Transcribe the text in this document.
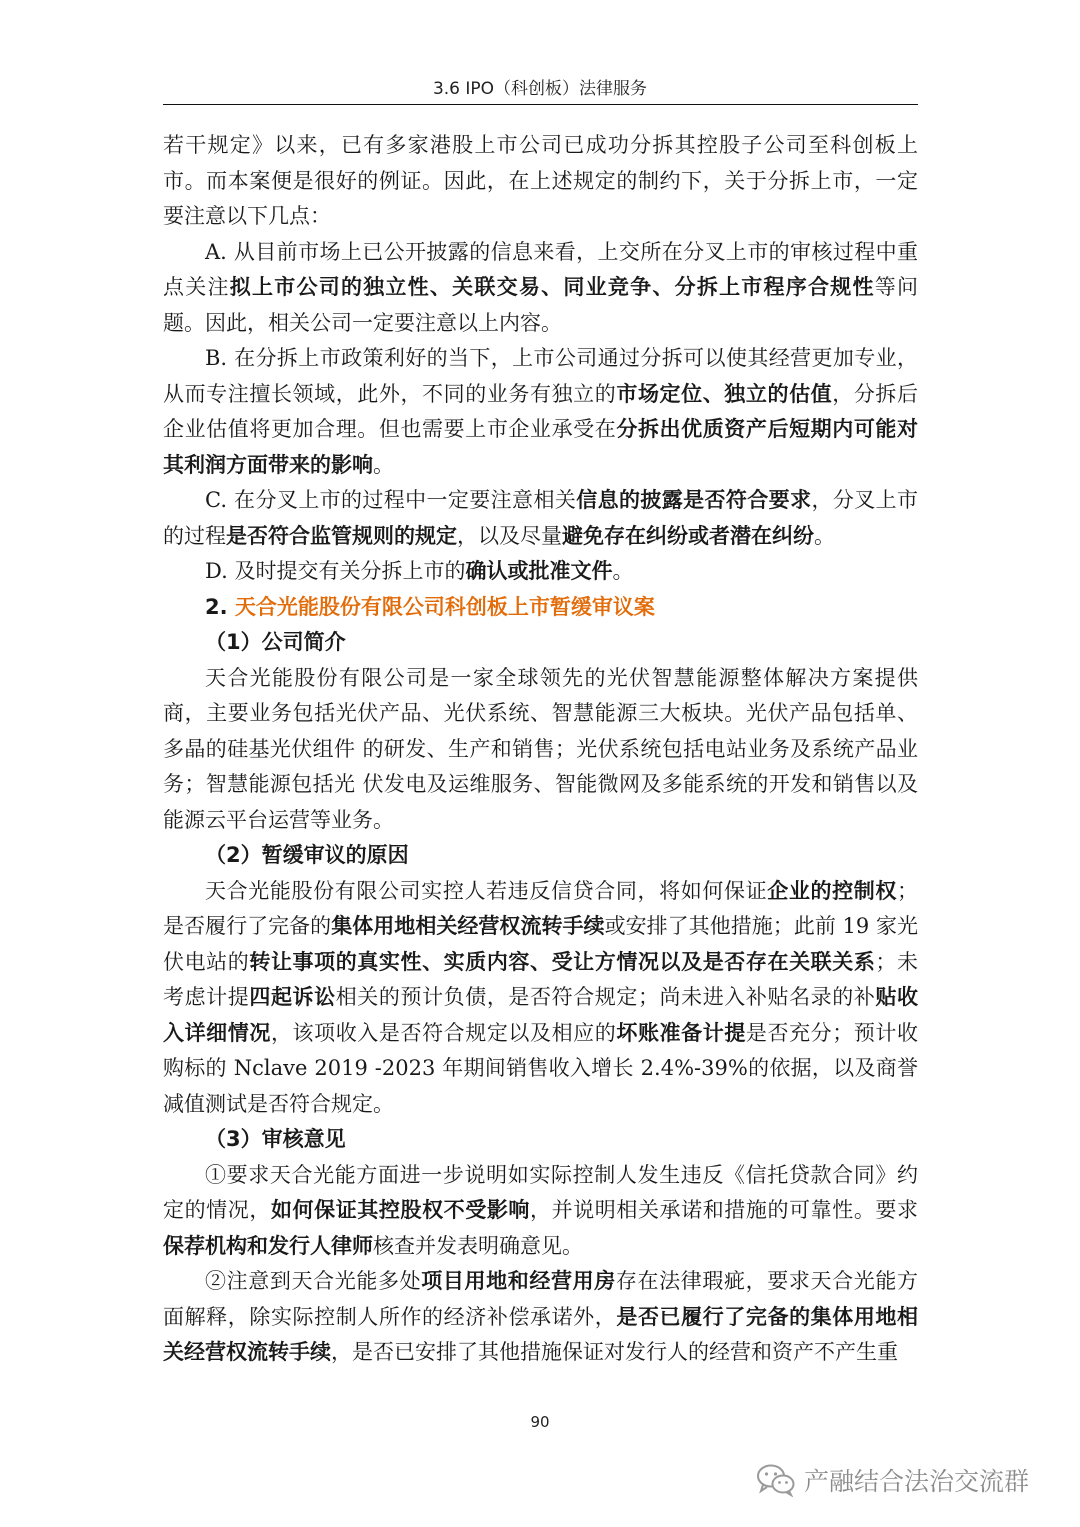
3.6 IPO（科创板）法律服务

若干规定》以来，已有多家港股上市公司已成功分拆其控股子公司至科创板上市。而本案便是很好的例证。因此，在上述规定的制约下，关于分拆上市，一定要注意以下几点：

A. 从目前市场上已公开披露的信息来看，上交所在分叉上市的审核过程中重点关注拟上市公司的独立性、关联交易、同业竞争、分拆上市程序合规性等问题。因此，相关公司一定要注意以上内容。

B. 在分拆上市政策利好的当下，上市公司通过分拆可以使其经营更加专业，从而专注擅长领域，此外，不同的业务有独立的市场定位、独立的估值，分拆后企业估值将更加合理。但也需要上市企业承受在分拆出优质资产后短期内可能对其利润方面带来的影响。

C. 在分叉上市的过程中一定要注意相关信息的披露是否符合要求，分叉上市的过程是否符合监管规则的规定，以及尽量避免存在纠纷或者潜在纠纷。

D. 及时提交有关分拆上市的确认或批准文件。

2. 天合光能股份有限公司科创板上市暂缓审议案

（1）公司简介

天合光能股份有限公司是一家全球领先的光伏智慧能源整体解决方案提供商，主要业务包括光伏产品、光伏系统、智慧能源三大板块。光伏产品包括单、多晶的硅基光伏组件 的研发、生产和销售；光伏系统包括电站业务及系统产品业务；智慧能源包括光 伏发电及运维服务、智能微网及多能系统的开发和销售以及能源云平台运营等业务。

（2）暂缓审议的原因

天合光能股份有限公司实控人若违反信贷合同，将如何保证企业的控制权；是否履行了完备的集体用地相关经营权流转手续或安排了其他措施；此前 19 家光伏电站的转让事项的真实性、实质内容、受让方情况以及是否存在关联关系；未考虑计提四起诉讼相关的预计负债，是否符合规定；尚未进入补贴名录的补贴收入详细情况，该项收入是否符合规定以及相应的坏账准备计提是否充分；预计收购标的 Nclave 2019 -2023 年期间销售收入增长 2.4%-39%的依据，以及商誉减值测试是否符合规定。

（3）审核意见

①要求天合光能方面进一步说明如实际控制人发生违反《信托贷款合同》约定的情况，如何保证其控股权不受影响，并说明相关承诺和措施的可靠性。要求保荐机构和发行人律师核查并发表明确意见。

②注意到天合光能多处项目用地和经营用房存在法律瑕疵，要求天合光能方面解释，除实际控制人所作的经济补偿承诺外，是否已履行了完备的集体用地相关经营权流转手续，是否已安排了其他措施保证对发行人的经营和资产不产生重

90
产融结合法治交流群
